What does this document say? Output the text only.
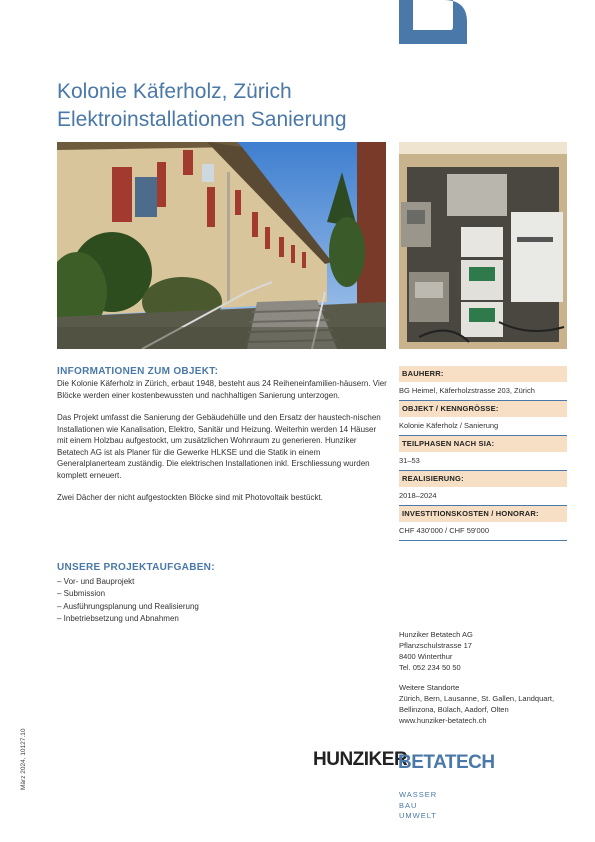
Kolonie Käferholz, Zürich
Elektroinstallationen Sanierung
INFORMATIONEN ZUM OBJEKT:

Die Kolonie Käferholz in Zürich, erbaut 1948, besteht aus 24 Reiheneinfamilien-häusern. Vier Blöcke werden einer kostenbewussten und nachhaltigen Sanierung unterzogen.

Das Projekt umfasst die Sanierung der Gebäudehülle und den Ersatz der haustech-nischen Installationen wie Kanalisation, Elektro, Sanitär und Heizung. Weiterhin werden 14 Häuser mit einem Holzbau aufgestockt, um zusätzlichen Wohnraum zu generieren. Hunziker Betatech AG ist als Planer für die Gewerke HLKSE und die Statik in einem Generalplanerteam zuständig. Die elektrischen Installationen inkl. Erschliessung wurden komplett erneuert.

Zwei Dächer der nicht aufgestockten Blöcke sind mit Photovoltaik bestückt.

UNSERE PROJEKTAUFGABEN:
– Vor- und Bauprojekt
– Submission
– Ausführungsplanung und Realisierung
– Inbetriebsetzung und Abnahmen
BAUHERR:
BG Heimel, Käferholzstrasse 203, Zürich
OBJEKT / KENNGRÖSSE:
Kolonie Käferholz / Sanierung
TEILPHASEN NACH SIA:
31–53
REALISIERUNG:
2018–2024
INVESTITIONSKOSTEN / HONORAR:
CHF 430'000 / CHF 59'000
Hunziker Betatech AG
Pflanzschulstrasse 17
8400 Winterthur
Tel. 052 234 50 50
Weitere Standorte
Zürich, Bern, Lausanne, St. Gallen, Landquart,
Bellinzona, Bülach, Aadorf, Olten
www.hunziker-betatech.ch
HUNZIKER
BETATECH
WASSER
BAU
UMWELT
März 2024, 10127.10
